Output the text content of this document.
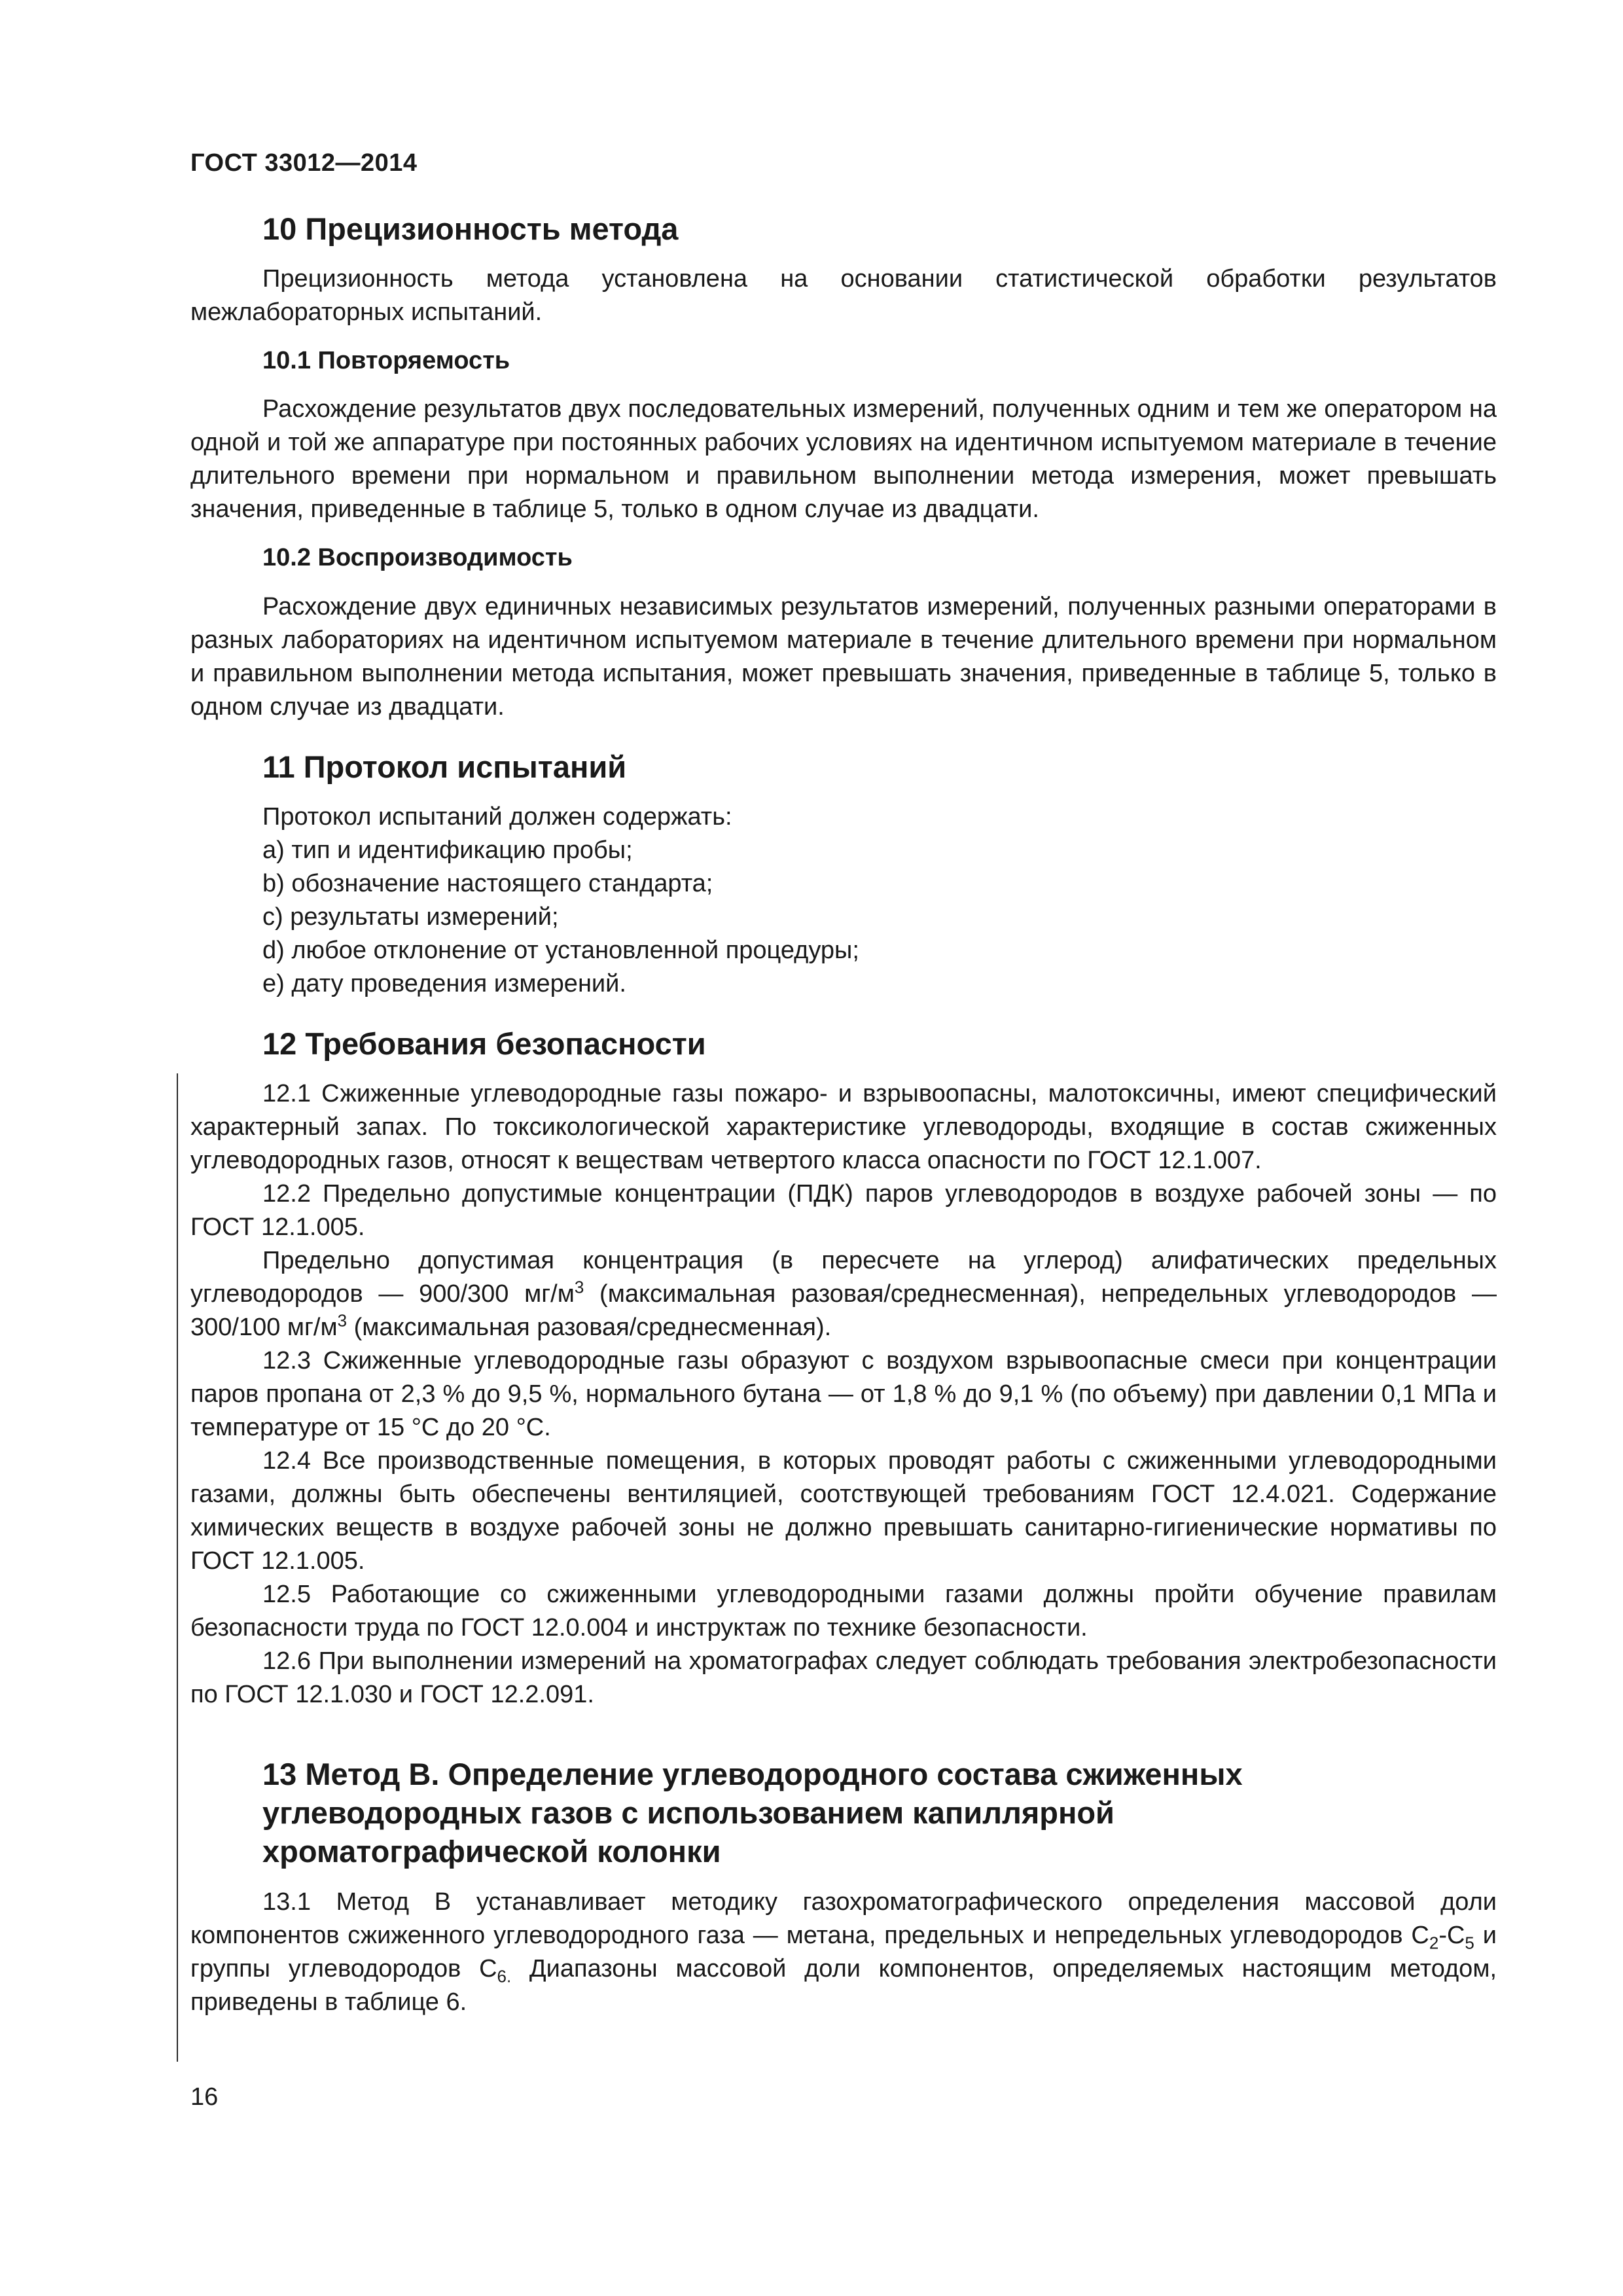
ГОСТ 33012—2014
10 Прецизионность метода

Прецизионность метода установлена на основании статистической обработки результатов межлабораторных испытаний.

10.1 Повторяемость

Расхождение результатов двух последовательных измерений, полученных одним и тем же оператором на одной и той же аппаратуре при постоянных рабочих условиях на идентичном испытуемом материале в течение длительного времени при нормальном и правильном выполнении метода измерения, может превышать значения, приведенные в таблице 5, только в одном случае из двадцати.

10.2 Воспроизводимость

Расхождение двух единичных независимых результатов измерений, полученных разными операторами в разных лабораториях на идентичном испытуемом материале в течение длительного времени при нормальном и правильном выполнении метода испытания, может превышать значения, приведенные в таблице 5, только в одном случае из двадцати.

11 Протокол испытаний

Протокол испытаний должен содержать:

a) тип и идентификацию пробы;
b) обозначение настоящего стандарта;
c) результаты измерений;
d) любое отклонение от установленной процедуры;
e) дату проведения измерений.
12 Требования безопасности

12.1 Сжиженные углеводородные газы пожаро- и взрывоопасны, малотоксичны, имеют специфический характерный запах. По токсикологической характеристике углеводороды, входящие в состав сжиженных углеводородных газов, относят к веществам четвертого класса опасности по ГОСТ 12.1.007.

12.2 Предельно допустимые концентрации (ПДК) паров углеводородов в воздухе рабочей зоны — по ГОСТ 12.1.005.

Предельно допустимая концентрация (в пересчете на углерод) алифатических предельных углеводородов — 900/300 $мг/м^3$ (максимальная разовая/среднесменная), непредельных углеводородов — 300/100 $мг/м^3$ (максимальная разовая/среднесменная).

12.3 Сжиженные углеводородные газы образуют с воздухом взрывоопасные смеси при концентрации паров пропана от 2,3 % до 9,5 %, нормального бутана — от 1,8 % до 9,1 % (по объему) при давлении 0,1 МПа и температуре от 15 °С до 20 °С.

12.4 Все производственные помещения, в которых проводят работы с сжиженными углеводородными газами, должны быть обеспечены вентиляцией, соотствующей требованиям ГОСТ 12.4.021. Содержание химических веществ в воздухе рабочей зоны не должно превышать санитарно-гигиенические нормативы по ГОСТ 12.1.005.

12.5 Работающие со сжиженными углеводородными газами должны пройти обучение правилам безопасности труда по ГОСТ 12.0.004 и инструктаж по технике безопасности.

12.6 При выполнении измерений на хроматографах следует соблюдать требования электробезопасности по ГОСТ 12.1.030 и ГОСТ 12.2.091.

13 Метод В. Определение углеводородного состава сжиженных
углеводородных газов с использованием капиллярной
хроматографической колонки

13.1 Метод В устанавливает методику газохроматографического определения массовой доли компонентов сжиженного углеводородного газа — метана, предельных и непредельных углеводородов $С_2-С_5$ и группы углеводородов $С_{6.}$ Диапазоны массовой доли компонентов, определяемых настоящим методом, приведены в таблице 6.

16
